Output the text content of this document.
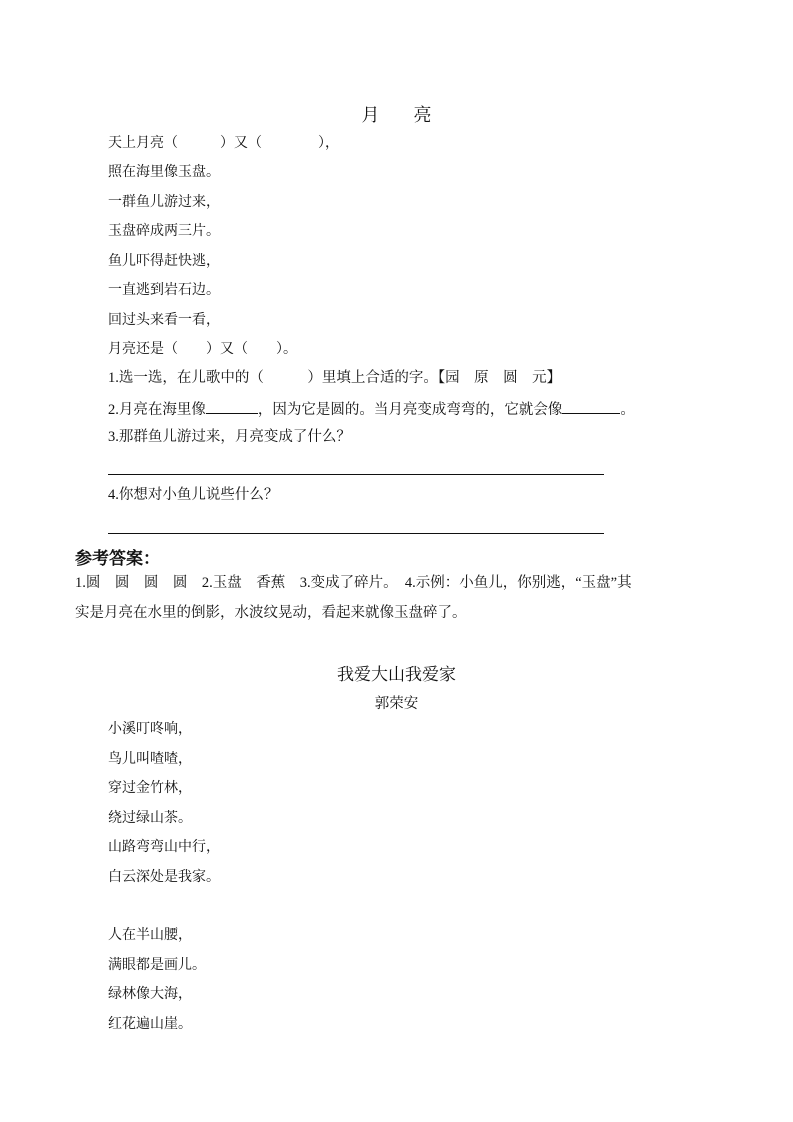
月 亮
天上月亮（　　　）又（　　　　），
照在海里像玉盘。
一群鱼儿游过来，
玉盘碎成两三片。
鱼儿吓得赶快逃，
一直逃到岩石边。
回过头来看一看，
月亮还是（　　）又（　　）。
1.选一选，在儿歌中的（　　　）里填上合适的字。【园　原　圆　元】
2.月亮在海里像	，因为它是圆的。当月亮变成弯弯的，它就会像	。
3.那群鱼儿游过来，月亮变成了什么？
4.你想对小鱼儿说些什么？
参考答案：
1.圆　圆　圆　圆　2.玉盘　香蕉　3.变成了碎片。　4.示例：小鱼儿，你别逃，“玉盘”其
实是月亮在水里的倒影，水波纹晃动，看起来就像玉盘碎了。
我爱大山我爱家
郭荣安
小溪叮咚响，
鸟儿叫喳喳，
穿过金竹林，
绕过绿山茶。
山路弯弯山中行，
白云深处是我家。
人在半山腰，
满眼都是画儿。
绿林像大海，
红花遍山崖。
